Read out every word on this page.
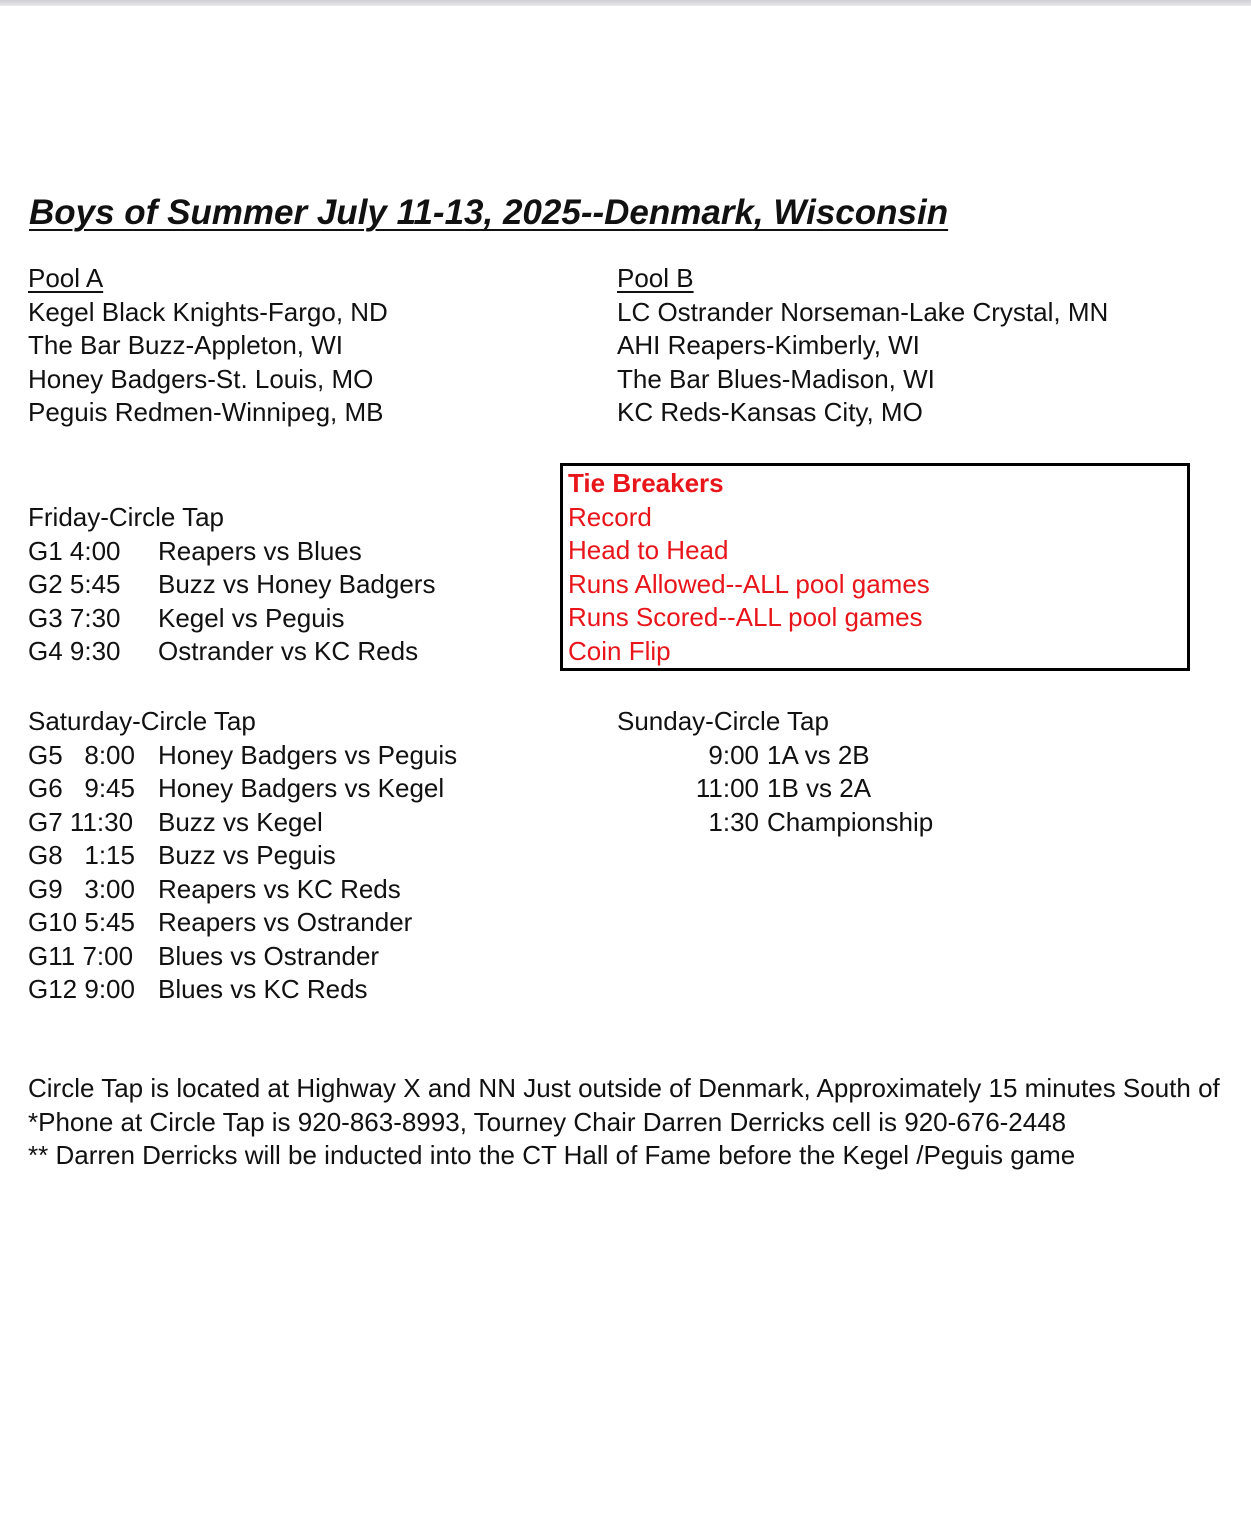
Boys of Summer July 11-13, 2025--Denmark, Wisconsin
Pool A
Kegel Black Knights-Fargo, ND
The Bar Buzz-Appleton, WI
Honey Badgers-St. Louis, MO
Peguis Redmen-Winnipeg, MB
Pool B
LC Ostrander Norseman-Lake Crystal, MN
AHI Reapers-Kimberly, WI
The Bar Blues-Madison, WI
KC Reds-Kansas City, MO
Tie Breakers
Record
Head to Head
Runs Allowed--ALL pool games
Runs Scored--ALL pool games
Coin Flip
Friday-Circle Tap
G1 4:00	Reapers vs Blues
G2 5:45	Buzz vs Honey Badgers
G3 7:30	Kegel vs Peguis
G4 9:30	Ostrander vs KC Reds
Saturday-Circle Tap
G5   8:00 Honey Badgers vs Peguis
G6   9:45 Honey Badgers vs Kegel
G7 11:30 Buzz vs Kegel
G8   1:15 Buzz vs Peguis
G9   3:00 Reapers vs KC Reds
G10 5:45 Reapers vs Ostrander
G11 7:00 Blues vs Ostrander
G12 9:00 Blues vs KC Reds
Sunday-Circle Tap
9:00 1A vs 2B
11:00 1B vs 2A
1:30 Championship
Circle Tap is located at Highway X and NN Just outside of Denmark, Approximately 15 minutes South of
*Phone at Circle Tap is 920-863-8993, Tourney Chair Darren Derricks cell is 920-676-2448
** Darren Derricks will be inducted into the CT Hall of Fame before the Kegel /Peguis game
